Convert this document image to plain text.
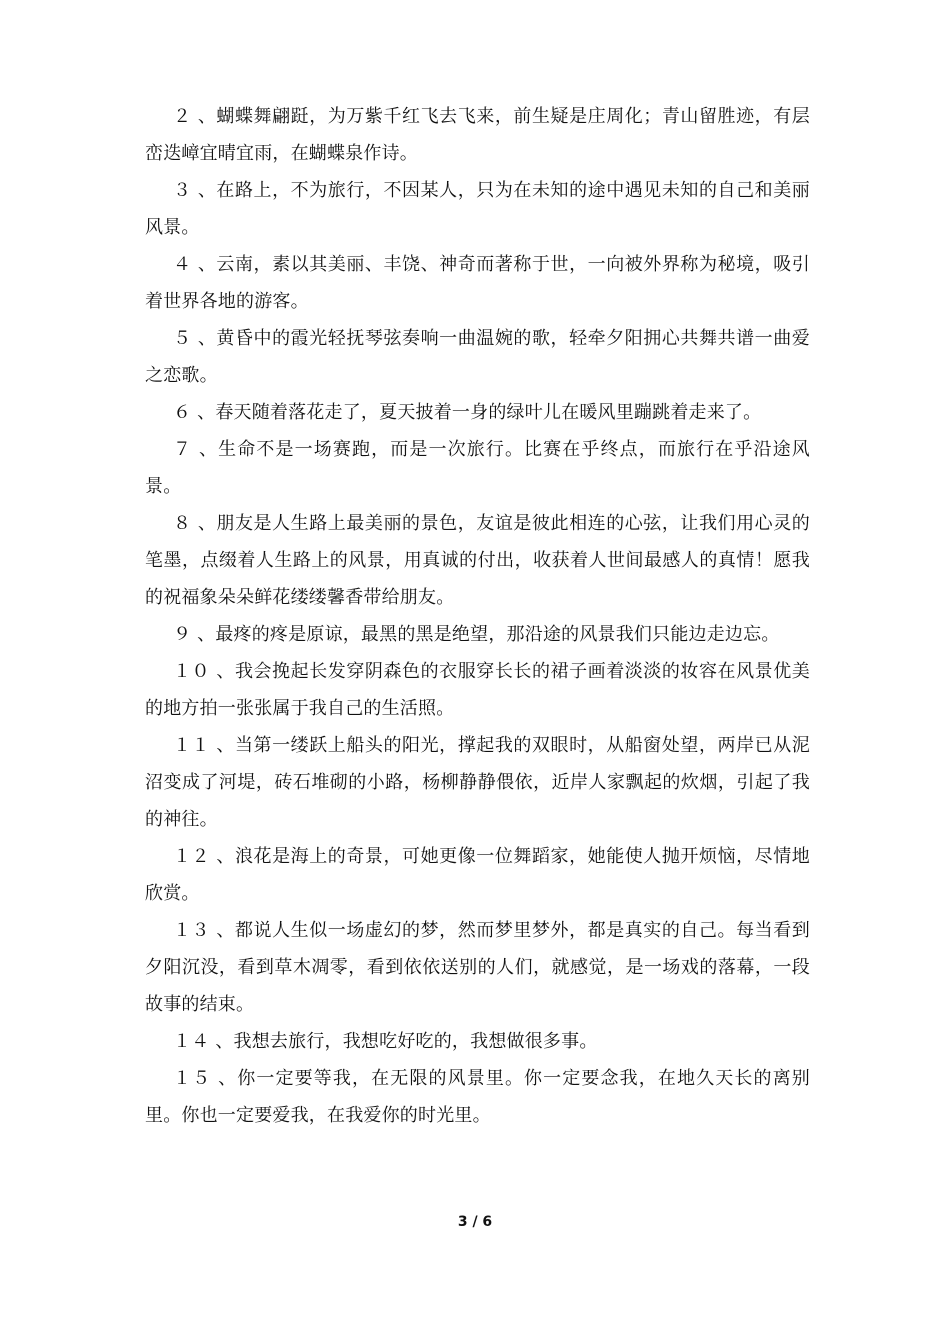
２ 、蝴蝶舞翩跹，为万紫千红飞去飞来，前生疑是庄周化；青山留胜迹，有层峦迭嶂宜晴宜雨，在蝴蝶泉作诗。

３ 、在路上，不为旅行，不因某人，只为在未知的途中遇见未知的自己和美丽风景。

４ 、云南，素以其美丽、丰饶、神奇而著称于世，一向被外界称为秘境，吸引着世界各地的游客。

５ 、黄昏中的霞光轻抚琴弦奏响一曲温婉的歌，轻牵夕阳拥心共舞共谱一曲爱之恋歌。

６ 、春天随着落花走了，夏天披着一身的绿叶儿在暖风里蹦跳着走来了。

７ 、生命不是一场赛跑，而是一次旅行。比赛在乎终点，而旅行在乎沿途风景。

８ 、朋友是人生路上最美丽的景色，友谊是彼此相连的心弦，让我们用心灵的笔墨，点缀着人生路上的风景，用真诚的付出，收获着人世间最感人的真情！愿我的祝福象朵朵鲜花缕缕馨香带给朋友。

９ 、最疼的疼是原谅，最黑的黑是绝望，那沿途的风景我们只能边走边忘。

１０ 、我会挽起长发穿阴森色的衣服穿长长的裙子画着淡淡的妆容在风景优美的地方拍一张张属于我自己的生活照。

１１ 、当第一缕跃上船头的阳光，撑起我的双眼时，从船窗处望，两岸已从泥沼变成了河堤，砖石堆砌的小路，杨柳静静偎依，近岸人家飘起的炊烟，引起了我的神往。

１２ 、浪花是海上的奇景，可她更像一位舞蹈家，她能使人抛开烦恼，尽情地欣赏。

１３ 、都说人生似一场虚幻的梦，然而梦里梦外，都是真实的自己。每当看到夕阳沉没，看到草木凋零，看到依依送别的人们，就感觉，是一场戏的落幕，一段故事的结束。

１４ 、我想去旅行，我想吃好吃的，我想做很多事。

１５ 、你一定要等我，在无限的风景里。你一定要念我，在地久天长的离别里。你也一定要爱我，在我爱你的时光里。

3 / 6
